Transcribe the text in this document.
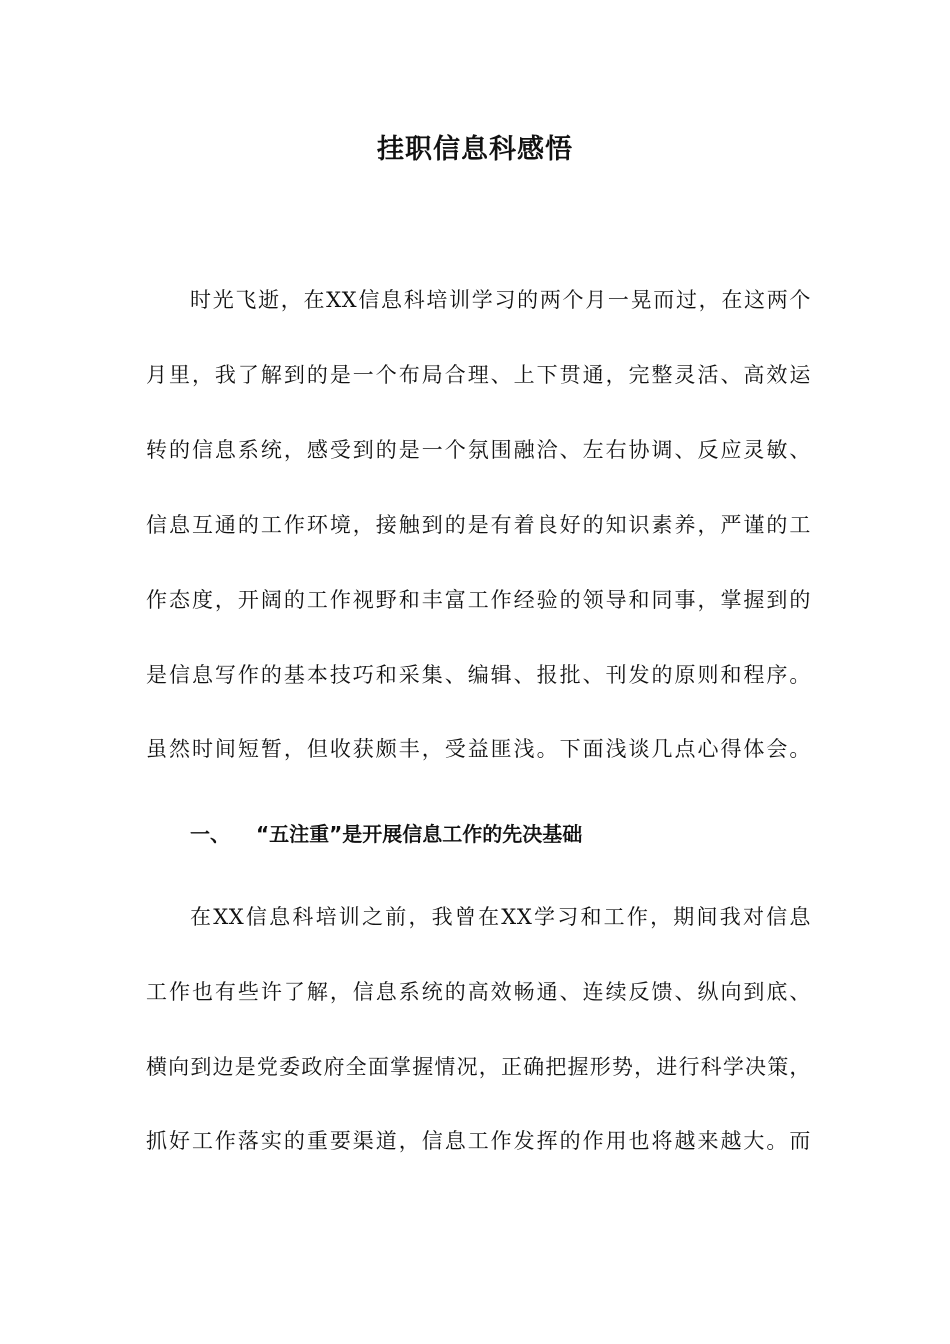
挂职信息科感悟
时光飞逝，在XX信息科培训学习的两个月一晃而过，在这两个
月里，我了解到的是一个布局合理、上下贯通，完整灵活、高效运
转的信息系统，感受到的是一个氛围融洽、左右协调、反应灵敏、
信息互通的工作环境，接触到的是有着良好的知识素养，严谨的工
作态度，开阔的工作视野和丰富工作经验的领导和同事，掌握到的
是信息写作的基本技巧和采集、编辑、报批、刊发的原则和程序。
虽然时间短暂，但收获颇丰，受益匪浅。下面浅谈几点心得体会。
一、 “五注重”是开展信息工作的先决基础
在XX信息科培训之前，我曾在XX学习和工作，期间我对信息
工作也有些许了解，信息系统的高效畅通、连续反馈、纵向到底、
横向到边是党委政府全面掌握情况，正确把握形势，进行科学决策，
抓好工作落实的重要渠道，信息工作发挥的作用也将越来越大。而
